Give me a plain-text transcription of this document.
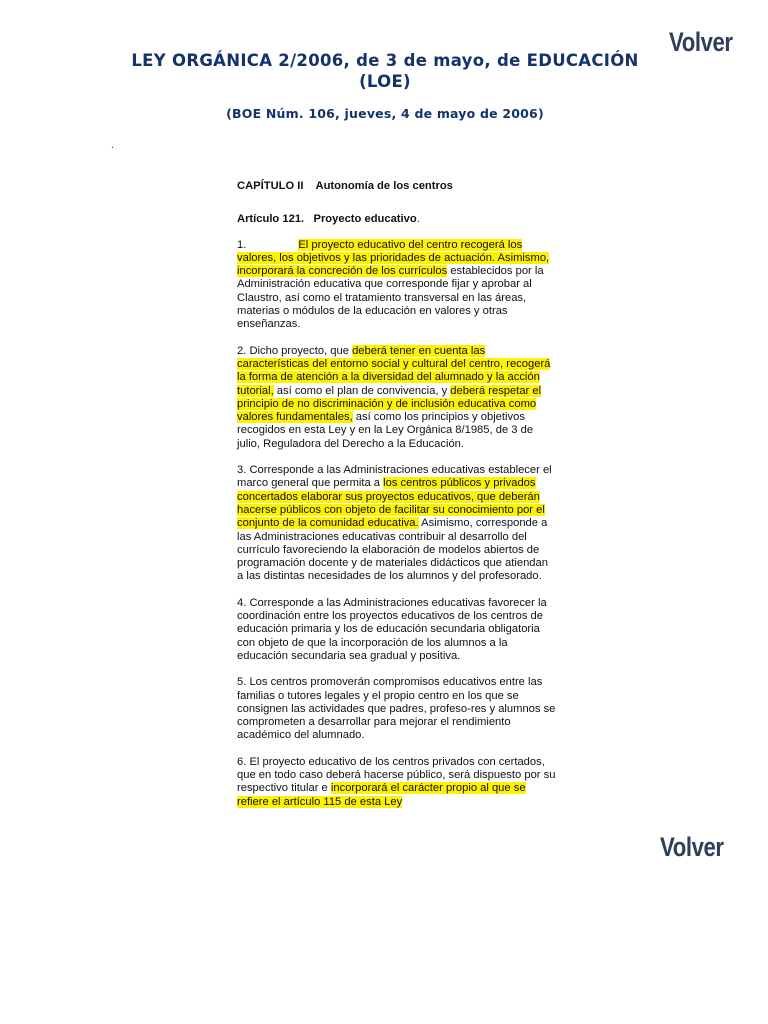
Volver
LEY ORGÁNICA 2/2006, de 3 de mayo, de EDUCACIÓN
(LOE)
(BOE Núm. 106, jueves, 4 de mayo de 2006)
.

CAPÍTULO II Autonomía de los centros

Artículo 121. Proyecto educativo.

1.	El proyecto educativo del centro recogerá los valores, los objetivos y las prioridades de actuación. Asimismo, incorporará la concreción de los currículos establecidos por la Administración educativa que corresponde fijar y aprobar al Claustro, así como el tratamiento transversal en las áreas, materias o módulos de la educación en valores y otras enseñanzas.

2. Dicho proyecto, que deberá tener en cuenta las características del entorno social y cultural del centro, recogerá la forma de atención a la diversidad del alumnado y la acción tutorial, así como el plan de convivencia, y deberá respetar el principio de no discriminación y de inclusión educativa como valores fundamentales, así como los principios y objetivos recogidos en esta Ley y en la Ley Orgánica 8/1985, de 3 de julio, Reguladora del Derecho a la Educación.

3. Corresponde a las Administraciones educativas establecer el marco general que permita a los centros públicos y privados concertados elaborar sus proyectos educativos, que deberán hacerse públicos con objeto de facilitar su conocimiento por el conjunto de la comunidad educativa. Asimismo, corresponde a las Administraciones educativas contribuir al desarrollo del currículo favoreciendo la elaboración de modelos abiertos de programación docente y de materiales didácticos que atiendan a las distintas necesidades de los alumnos y del profesorado.

4. Corresponde a las Administraciones educativas favorecer la coordinación entre los proyectos educativos de los centros de educación primaria y los de educación secundaria obligatoria con objeto de que la incorporación de los alumnos a la educación secundaria sea gradual y positiva.

5. Los centros promoverán compromisos educativos entre las familias o tutores legales y el propio centro en los que se consignen las actividades que padres, profeso-res y alumnos se comprometen a desarrollar para mejorar el rendimiento académico del alumnado.

6. El proyecto educativo de los centros privados con certados, que en todo caso deberá hacerse público, será dispuesto por su respectivo titular e incorporará el carácter propio al que se refiere el artículo 115 de esta Ley

Volver
